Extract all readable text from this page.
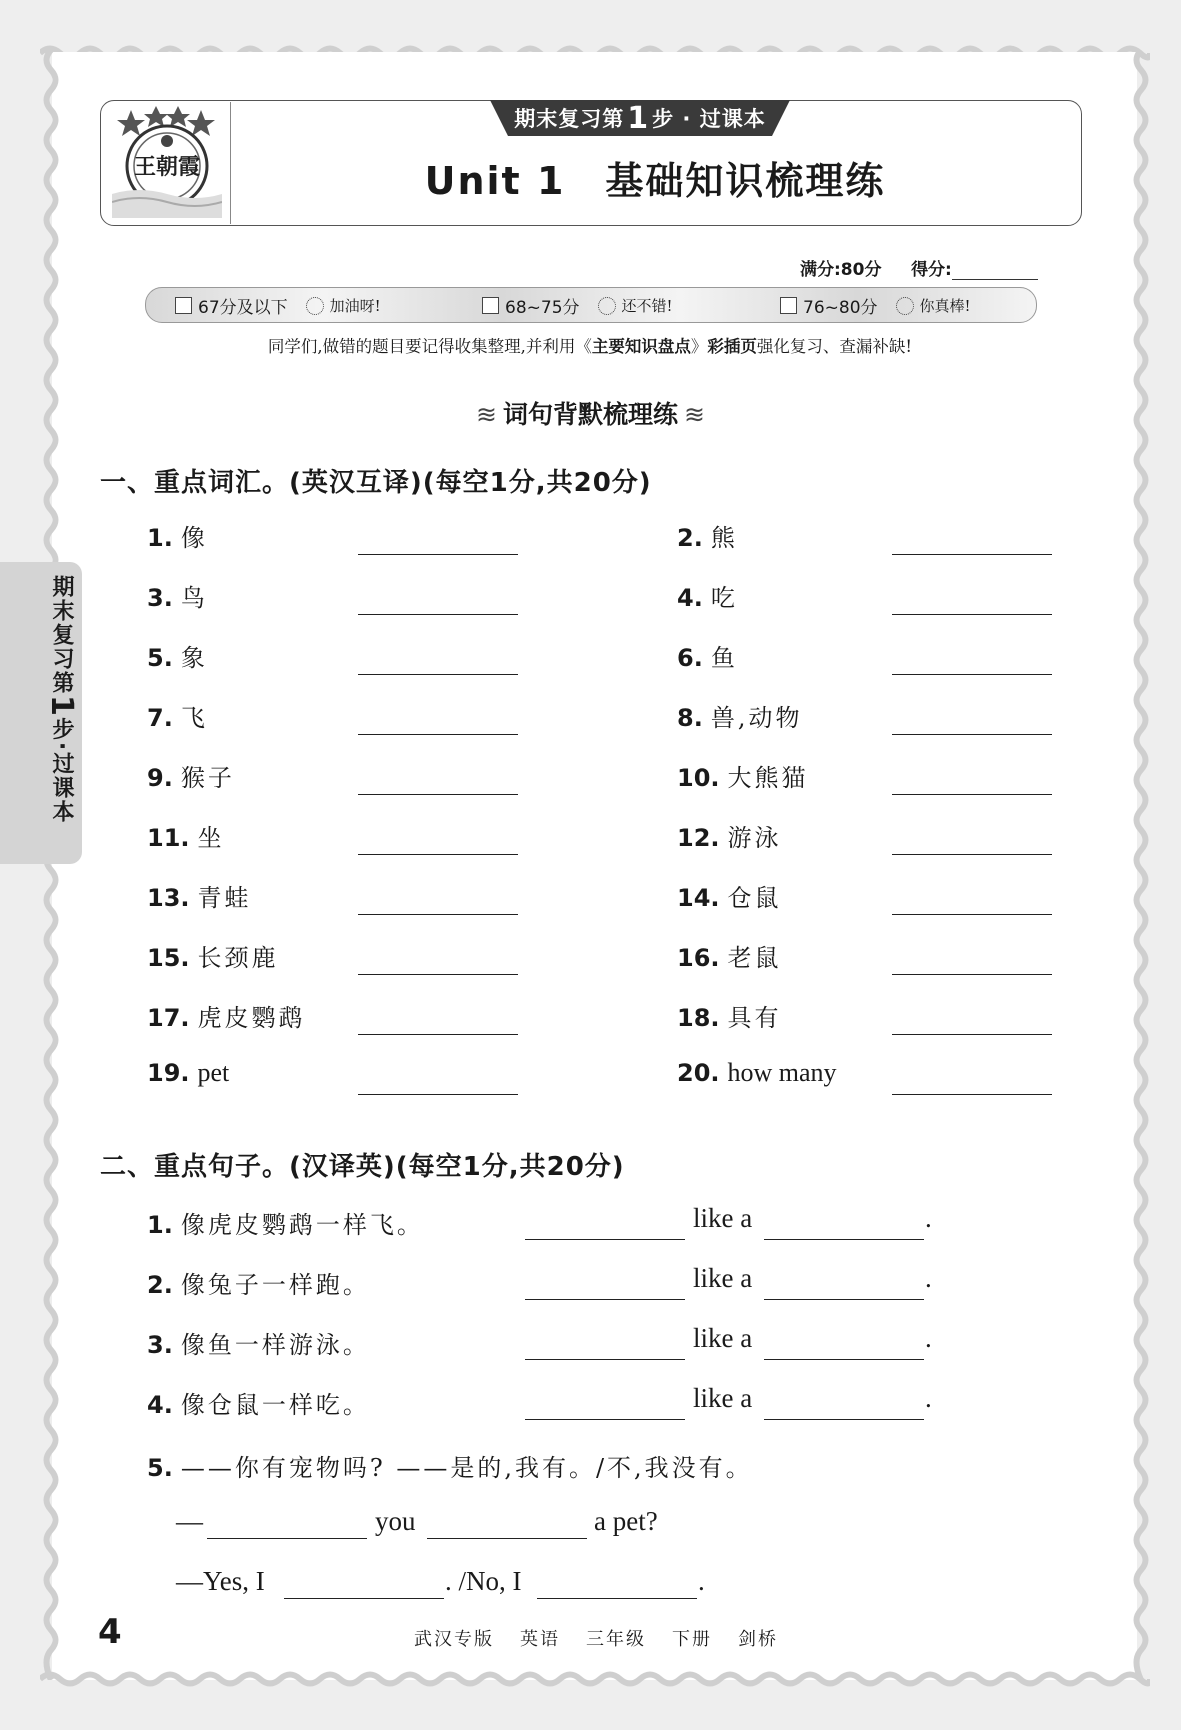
王朝霞
期末复习第 1 步 · 过课本
Unit 1　基础知识梳理练
满分:80分 得分:
67分及以下	加油呀!	68~75分	还不错!	76~80分	你真棒!
同学们,做错的题目要记得收集整理,并利用《主要知识盘点》彩插页强化复习、查漏补缺!
≋ 词句背默梳理练 ≋
一、重点词汇。(英汉互译)(每空1分,共20分)
1. 像	2. 熊
3. 鸟	4. 吃
5. 象	6. 鱼
7. 飞	8. 兽,动物
9. 猴子	10. 大熊猫
11. 坐	12. 游泳
13. 青蛙	14. 仓鼠
15. 长颈鹿	16. 老鼠
17. 虎皮鹦鹉	18. 具有
19. pet	20. how many
二、重点句子。(汉译英)(每空1分,共20分)
1. 像虎皮鹦鹉一样飞。	like a	.
2. 像兔子一样跑。	like a	.
3. 像鱼一样游泳。	like a	.
4. 像仓鼠一样吃。	like a	.
5. ——你有宠物吗? ——是的,我有。/不,我没有。
—	you	a pet?
—Yes, I	. /No, I	.
期末复习第1步·过课本
4	武汉专版 英语 三年级 下册 剑桥
